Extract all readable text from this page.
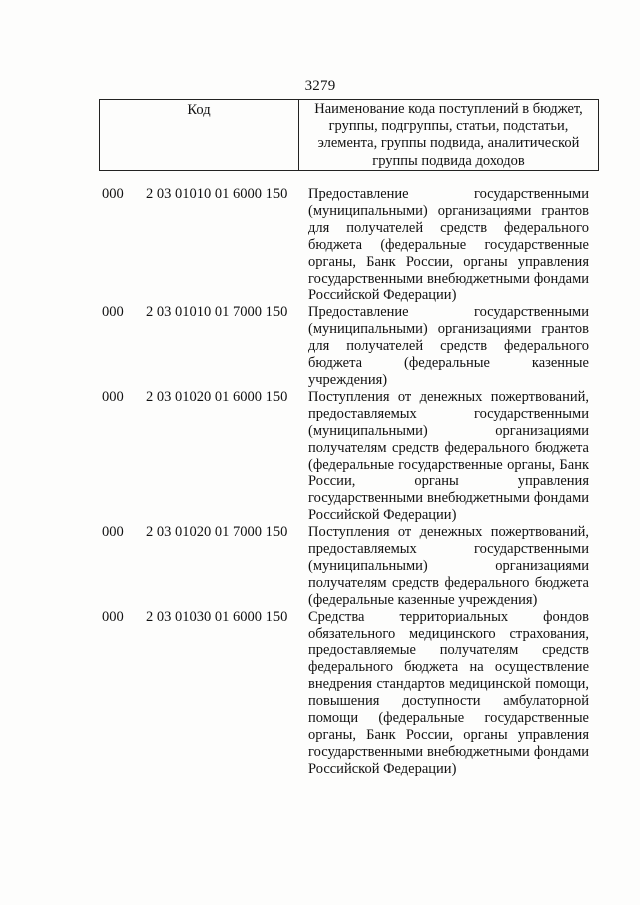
3279
Код	Наименование кода поступлений в бюджет, группы, подгруппы, статьи, подстатьи, элемента, группы подвида, аналитической группы подвида доходов
000	2 03 01010 01 6000 150	Предоставление государственными
(муниципальными) организациями грантов
для получателей средств федерального
бюджета (федеральные государственные
органы, Банк России, органы управления
государственными внебюджетными фондами
Российской Федерации)
000	2 03 01010 01 7000 150	Предоставление государственными
(муниципальными) организациями грантов
для получателей средств федерального
бюджета (федеральные казенные
учреждения)
000	2 03 01020 01 6000 150	Поступления от денежных пожертвований,
предоставляемых государственными
(муниципальными) организациями
получателям средств федерального бюджета
(федеральные государственные органы, Банк
России, органы управления
государственными внебюджетными фондами
Российской Федерации)
000	2 03 01020 01 7000 150	Поступления от денежных пожертвований,
предоставляемых государственными
(муниципальными) организациями
получателям средств федерального бюджета
(федеральные казенные учреждения)
000	2 03 01030 01 6000 150	Средства территориальных фондов
обязательного медицинского страхования,
предоставляемые получателям средств
федерального бюджета на осуществление
внедрения стандартов медицинской помощи,
повышения доступности амбулаторной
помощи (федеральные государственные
органы, Банк России, органы управления
государственными внебюджетными фондами
Российской Федерации)
